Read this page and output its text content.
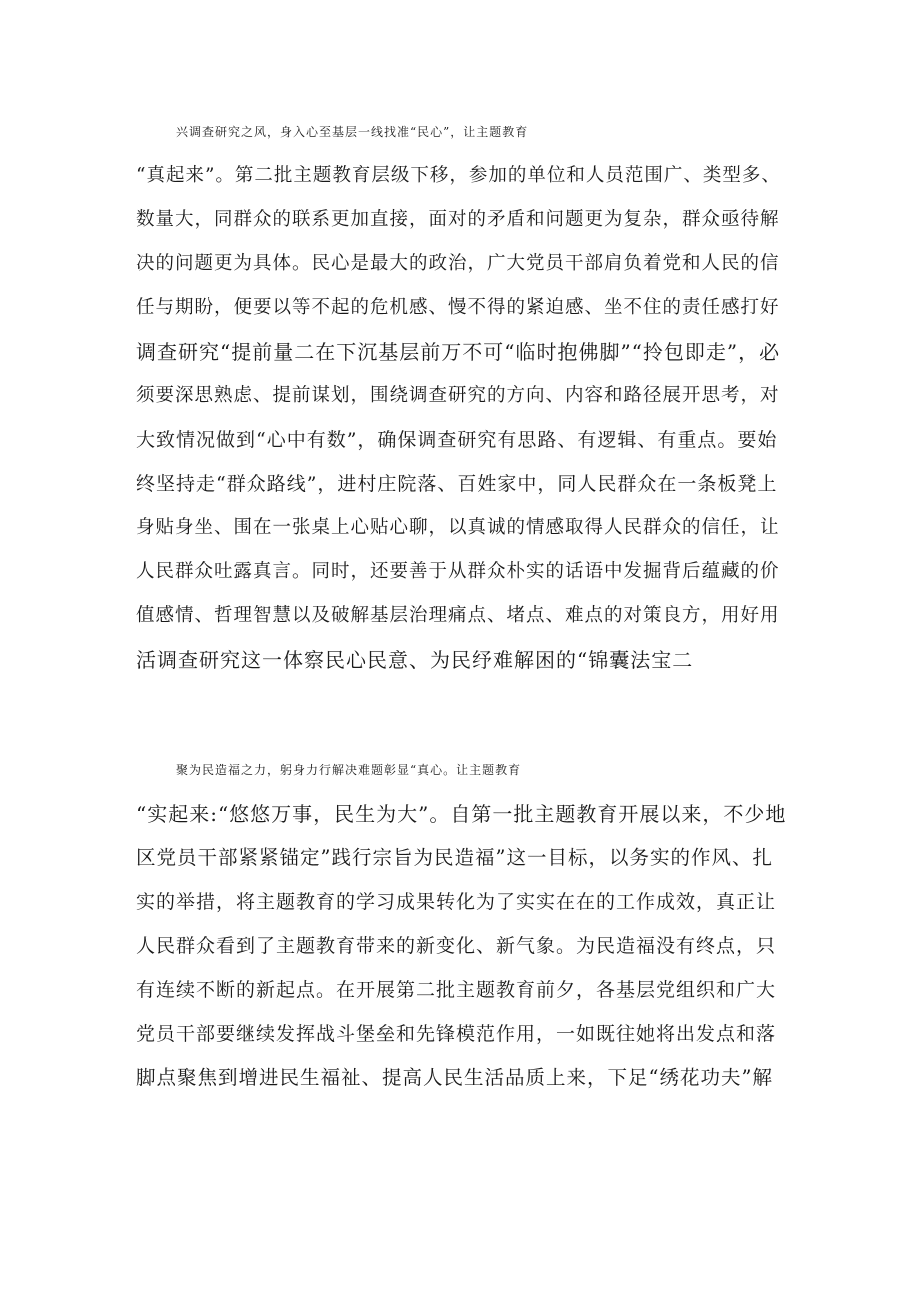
兴调查研究之风，身入心至基层一线找准“民心”，让主题教育
“真起来”。第二批主题教育层级下移，参加的单位和人员范围广、类型多、
数量大，同群众的联系更加直接，面对的矛盾和问题更为复杂，群众亟待解
决的问题更为具体。民心是最大的政治，广大党员干部肩负着党和人民的信
任与期盼，便要以等不起的危机感、慢不得的紧迫感、坐不住的责任感打好
调查研究“提前量二在下沉基层前万不可“临时抱佛脚”“拎包即走”，必
须要深思熟虑、提前谋划，围绕调查研究的方向、内容和路径展开思考，对
大致情况做到“心中有数”，确保调查研究有思路、有逻辑、有重点。要始
终坚持走“群众路线”，进村庄院落、百姓家中，同人民群众在一条板凳上
身贴身坐、围在一张桌上心贴心聊，以真诚的情感取得人民群众的信任，让
人民群众吐露真言。同时，还要善于从群众朴实的话语中发掘背后蕴藏的价
值感情、哲理智慧以及破解基层治理痛点、堵点、难点的对策良方，用好用
活调查研究这一体察民心民意、为民纾难解困的“锦囊法宝二
聚为民造福之力，躬身力行解决难题彰显“真心。让主题教育
“实起来:“悠悠万事，民生为大”。自第一批主题教育开展以来，不少地
区党员干部紧紧锚定”践行宗旨为民造福”这一目标，以务实的作风、扎
实的举措，将主题教育的学习成果转化为了实实在在的工作成效，真正让
人民群众看到了主题教育带来的新变化、新气象。为民造福没有终点，只
有连续不断的新起点。在开展第二批主题教育前夕，各基层党组织和广大
党员干部要继续发挥战斗堡垒和先锋模范作用，一如既往她将出发点和落
脚点聚焦到增进民生福祉、提高人民生活品质上来，下足“绣花功夫”解
